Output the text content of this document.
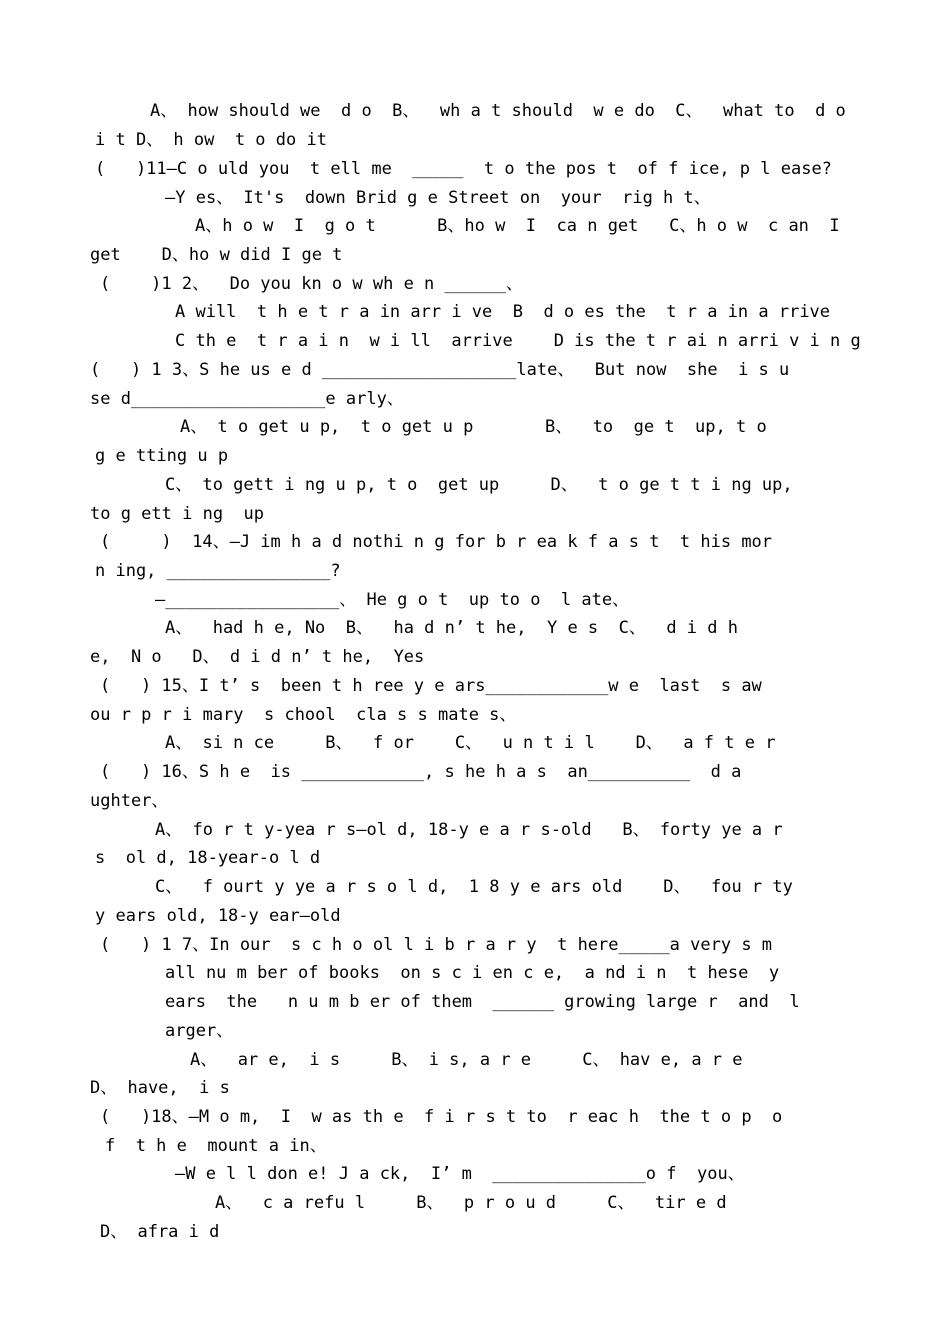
A、 how should we  d o  B、  wh a t should  w e do  C、  what to  d o
i t D、 h ow  t o do it
(   )11—C o uld you  t ell me  _____  t o the pos t  of f ice, p l ease?
—Y es、 It's  down Brid g e Street on  your  rig h t、
A、h o w  I  g o t      B、ho w  I  ca n get   C、h o w  c an  I
get    D、ho w did I ge t
(    )1 2、  Do you kn o w wh e n ______、
A will  t h e t r a in arr i ve  B  d o es the  t r a in a rrive
C th e  t r a i n  w i ll  arrive    D is the t r ai n arri v i n g
(   ) 1 3、S he us e d ___________________late、  But now  she  i s u
se d___________________e arly、
A、 t o get u p,  t o get u p       B、  to  ge t  up, t o
g e tting u p
C、 to gett i ng u p, t o  get up     D、  t o ge t t i ng up,
to g ett i ng  up
(     )  14、—J im h a d nothi n g for b r ea k f a s t  t his mor
n ing, ________________?
—_________________、 He g o t  up to o  l ate、
A、  had h e, No  B、  ha d n’ t he,  Y e s  C、  d i d h
e,  N o   D、 d i d n’ t he,  Yes
(   ) 15、I t’ s  been t h ree y e ars____________w e  last  s aw
ou r p r i mary  s chool  cla s s mate s、
A、 si n ce     B、  f or    C、  u n t i l    D、  a f t e r
(   ) 16、S h e  is ____________, s he h a s  an__________  d a
ughter、
A、 fo r t y-yea r s—ol d, 18-y e a r s-old   B、 forty ye a r
s  ol d, 18-year-o l d
C、  f ourt y ye a r s o l d,  1 8 y e ars old    D、  fou r ty
y ears old, 18-y ear—old
(   ) 1 7、In our  s c h o ol l i b r a r y  t here_____a very s m
all nu m ber of books  on s c i en c e,  a nd i n  t hese  y
ears  the   n u m b er of them  ______ growing large r  and  l
arger、
A、  ar e,  i s     B、 i s, a r e     C、 hav e, a r e
D、 have,  i s
(   )18、—M o m,  I  w as th e  f i r s t to  r eac h  the t o p  o
f  t h e  mount a in、
—W e l l don e! J a ck,  I’ m  _______________o f  you、
A、  c a refu l     B、  p r o u d     C、  tir e d
D、 afra i d
